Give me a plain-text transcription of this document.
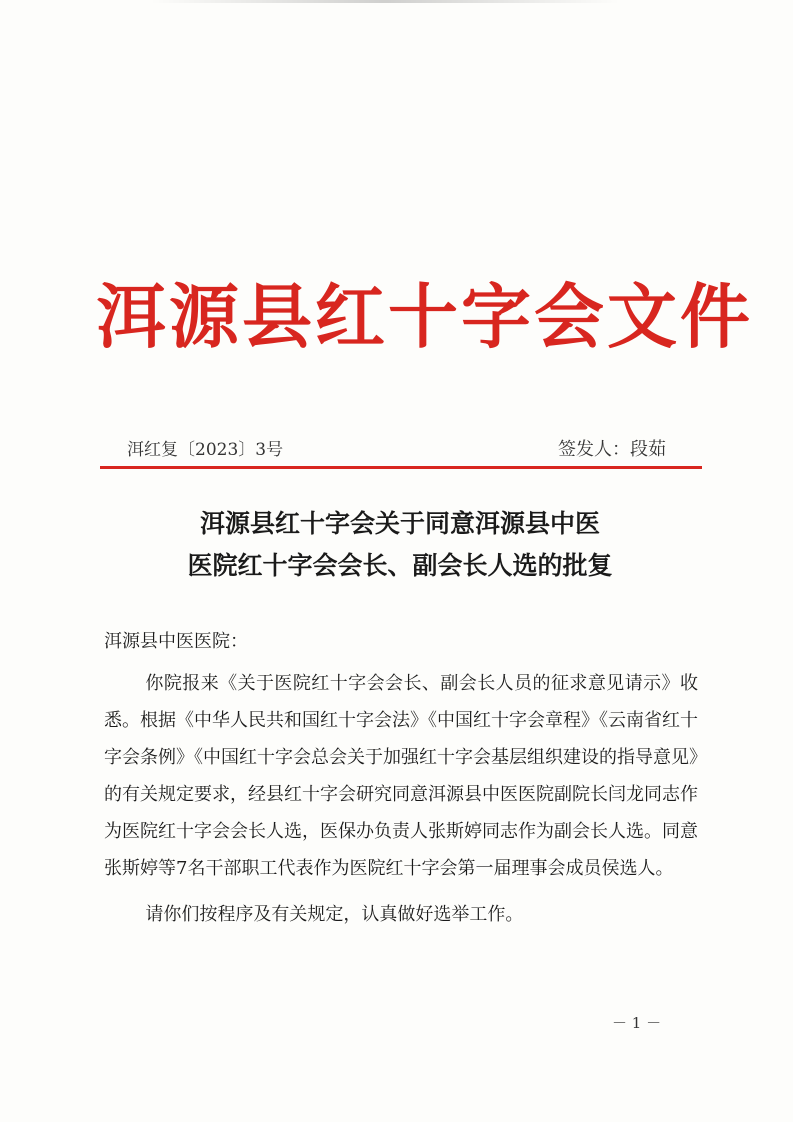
洱源县红十字会文件
洱红复〔2023〕3号	签发人：段茹
洱源县红十字会关于同意洱源县中医
医院红十字会会长、副会长人选的批复
洱源县中医医院：

你院报来《关于医院红十字会会长、副会长人员的征求意见请示》收悉。根据《中华人民共和国红十字会法》《中国红十字会章程》《云南省红十字会条例》《中国红十字会总会关于加强红十字会基层组织建设的指导意见》的有关规定要求，经县红十字会研究同意洱源县中医医院副院长闫龙同志作为医院红十字会会长人选，医保办负责人张斯婷同志作为副会长人选。同意张斯婷等7名干部职工代表作为医院红十字会第一届理事会成员侯选人。

请你们按程序及有关规定，认真做好选举工作。

－ 1 －
